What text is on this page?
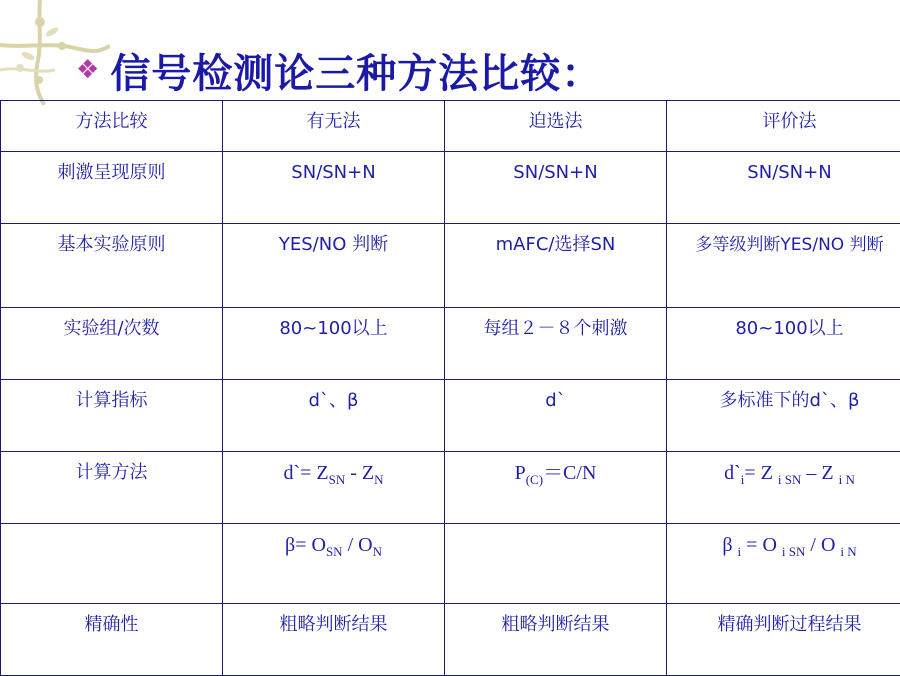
❖ 信号检测论三种方法比较：
方法比较	有无法	迫选法	评价法
刺激呈现原则	SN/SN+N	SN/SN+N	SN/SN+N
基本实验原则	YES/NO 判断	mAFC/选择SN	多等级判断YES/NO 判断
实验组/次数	80~100以上	每组２－８个刺激	80~100以上
计算指标	d`、β	d`	多标准下的d`、β
计算方法	d`= $Z_{SN} - Z_N$	$P_{(C)}=C/N$	$d`_i= Z$ $_{i SN}$ – Z $_{i N}$
	$\beta= O_{SN} / O_N$		β $_i$ = O $_{i SN}$ / O $_{i N}$
精确性	粗略判断结果	粗略判断结果	精确判断过程结果
